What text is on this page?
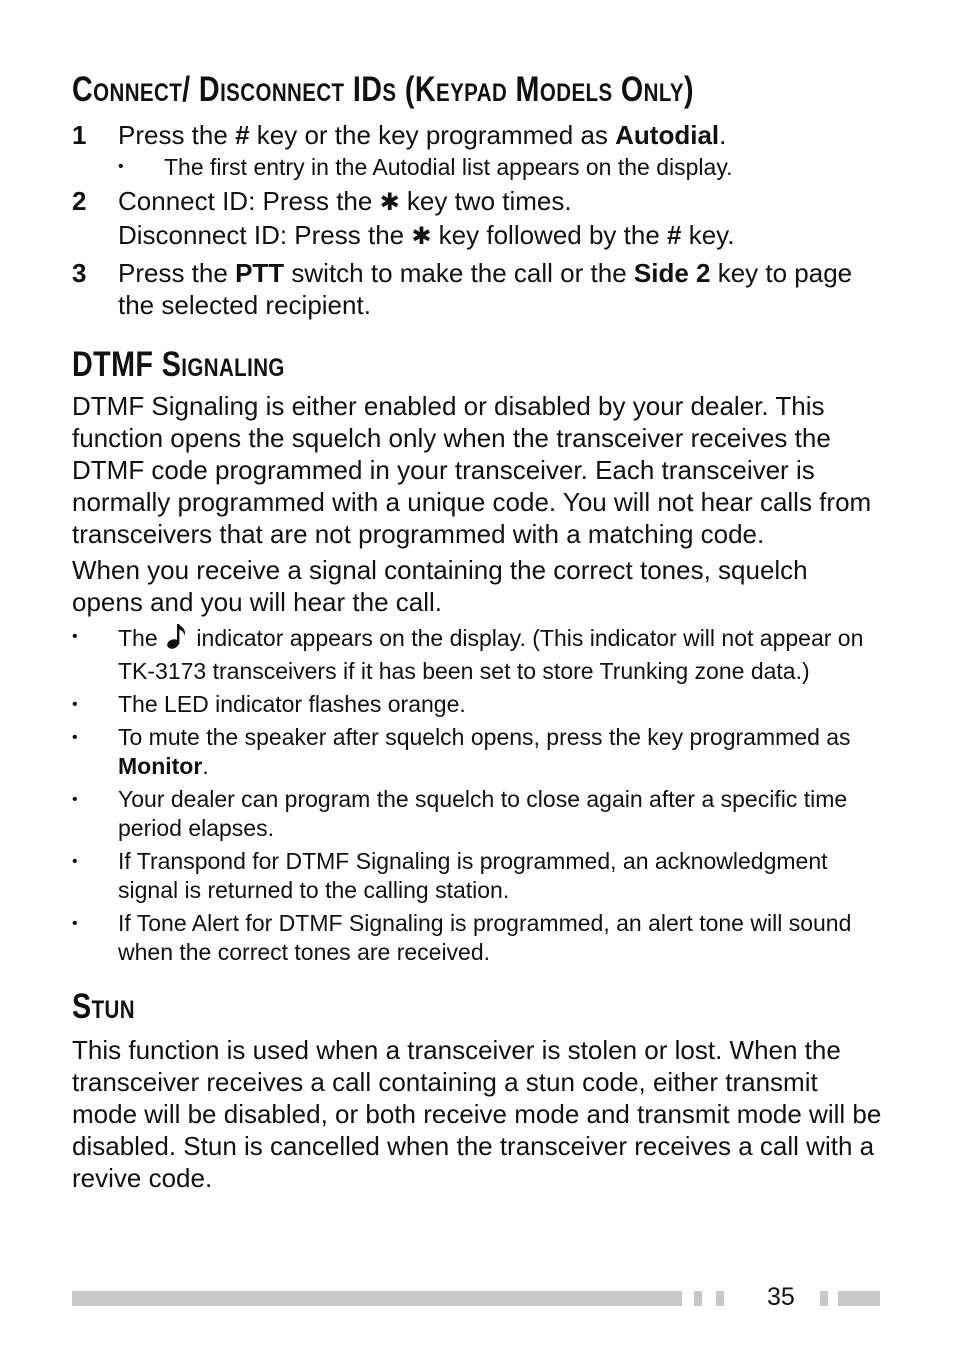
CONNECT/ DISCONNECT IDS (KEYPAD MODELS ONLY)
1	Press the # key or the key programmed as Autodial.
•	The first entry in the Autodial list appears on the display.
2	Connect ID: Press the ✱ key two times.
Disconnect ID: Press the ✱ key followed by the # key.
3	Press the PTT switch to make the call or the Side 2 key to page the selected recipient.
DTMF SIGNALING

DTMF Signaling is either enabled or disabled by your dealer. This function opens the squelch only when the transceiver receives the DTMF code programmed in your transceiver. Each transceiver is normally programmed with a unique code. You will not hear calls from transceivers that are not programmed with a matching code.

When you receive a signal containing the correct tones, squelch opens and you will hear the call.

•	The  indicator appears on the display. (This indicator will not appear on TK-3173 transceivers if it has been set to store Trunking zone data.)
•	The LED indicator flashes orange.
•	To mute the speaker after squelch opens, press the key programmed as Monitor.
•	Your dealer can program the squelch to close again after a specific time period elapses.
•	If Transpond for DTMF Signaling is programmed, an acknowledgment signal is returned to the calling station.
•	If Tone Alert for DTMF Signaling is programmed, an alert tone will sound when the correct tones are received.
STUN

This function is used when a transceiver is stolen or lost. When the transceiver receives a call containing a stun code, either transmit mode will be disabled, or both receive mode and transmit mode will be disabled. Stun is cancelled when the transceiver receives a call with a revive code.

35
